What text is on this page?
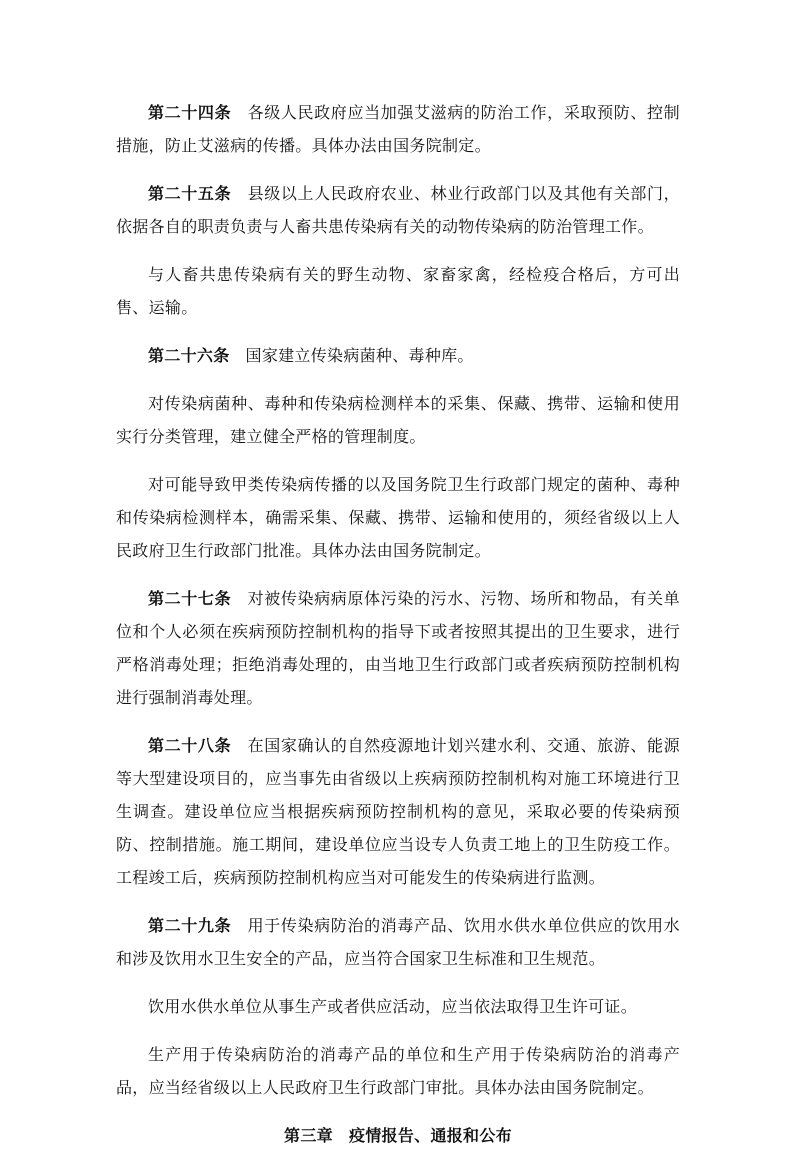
第二十四条 各级人民政府应当加强艾滋病的防治工作，采取预防、控制措施，防止艾滋病的传播。具体办法由国务院制定。

第二十五条 县级以上人民政府农业、林业行政部门以及其他有关部门，依据各自的职责负责与人畜共患传染病有关的动物传染病的防治管理工作。

与人畜共患传染病有关的野生动物、家畜家禽，经检疫合格后，方可出售、运输。

第二十六条 国家建立传染病菌种、毒种库。

对传染病菌种、毒种和传染病检测样本的采集、保藏、携带、运输和使用实行分类管理，建立健全严格的管理制度。

对可能导致甲类传染病传播的以及国务院卫生行政部门规定的菌种、毒种和传染病检测样本，确需采集、保藏、携带、运输和使用的，须经省级以上人民政府卫生行政部门批准。具体办法由国务院制定。

第二十七条 对被传染病病原体污染的污水、污物、场所和物品，有关单位和个人必须在疾病预防控制机构的指导下或者按照其提出的卫生要求，进行严格消毒处理；拒绝消毒处理的，由当地卫生行政部门或者疾病预防控制机构进行强制消毒处理。

第二十八条 在国家确认的自然疫源地计划兴建水利、交通、旅游、能源等大型建设项目的，应当事先由省级以上疾病预防控制机构对施工环境进行卫生调查。建设单位应当根据疾病预防控制机构的意见，采取必要的传染病预防、控制措施。施工期间，建设单位应当设专人负责工地上的卫生防疫工作。工程竣工后，疾病预防控制机构应当对可能发生的传染病进行监测。

第二十九条 用于传染病防治的消毒产品、饮用水供水单位供应的饮用水和涉及饮用水卫生安全的产品，应当符合国家卫生标准和卫生规范。

饮用水供水单位从事生产或者供应活动，应当依法取得卫生许可证。

生产用于传染病防治的消毒产品的单位和生产用于传染病防治的消毒产品，应当经省级以上人民政府卫生行政部门审批。具体办法由国务院制定。

第三章 疫情报告、通报和公布
